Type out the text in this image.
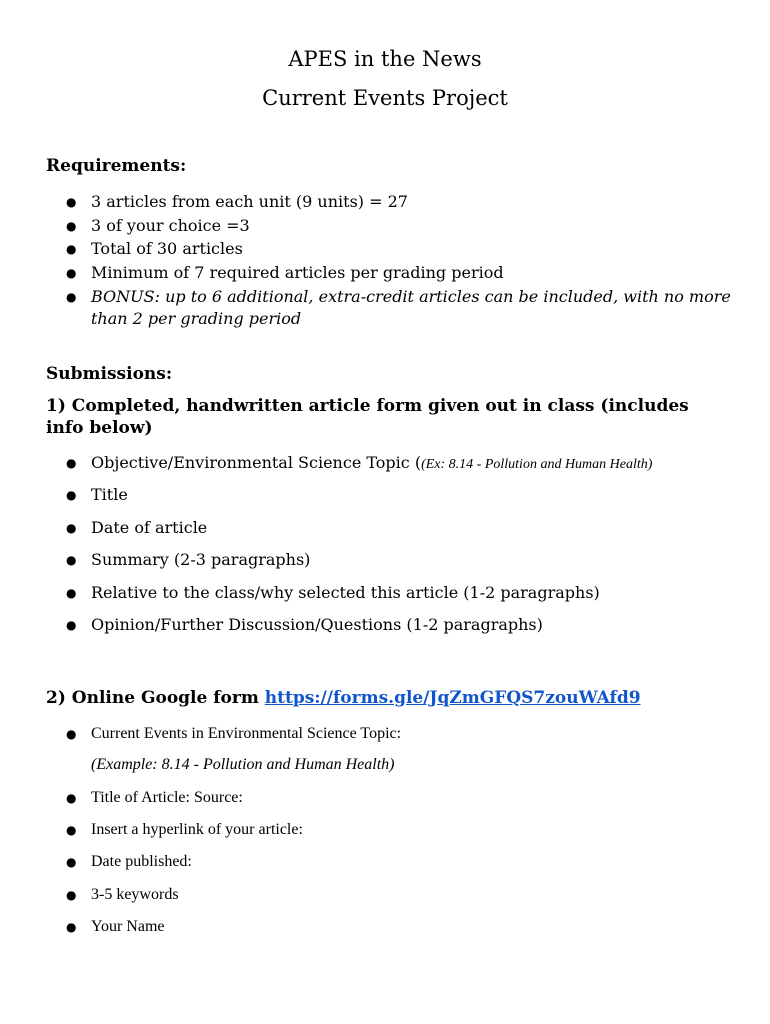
APES in the News
Current Events Project
Requirements:
● 3 articles from each unit (9 units) = 27
● 3 of your choice =3
● Total of 30 articles
● Minimum of 7 required articles per grading period
● BONUS: up to 6 additional, extra-credit articles can be included, with no more than 2 per grading period
Submissions:
1) Completed, handwritten article form given out in class (includes info below)
● Objective/Environmental Science Topic ((Ex: 8.14 - Pollution and Human Health)
● Title
● Date of article
● Summary (2-3 paragraphs)
● Relative to the class/why selected this article (1-2 paragraphs)
● Opinion/Further Discussion/Questions (1-2 paragraphs)
2) Online Google form https://forms.gle/JqZmGFQS7zouWAfd9
● Current Events in Environmental Science Topic:
(Example: 8.14 - Pollution and Human Health)
● Title of Article: Source:
● Insert a hyperlink of your article:
● Date published:
● 3-5 keywords
● Your Name
